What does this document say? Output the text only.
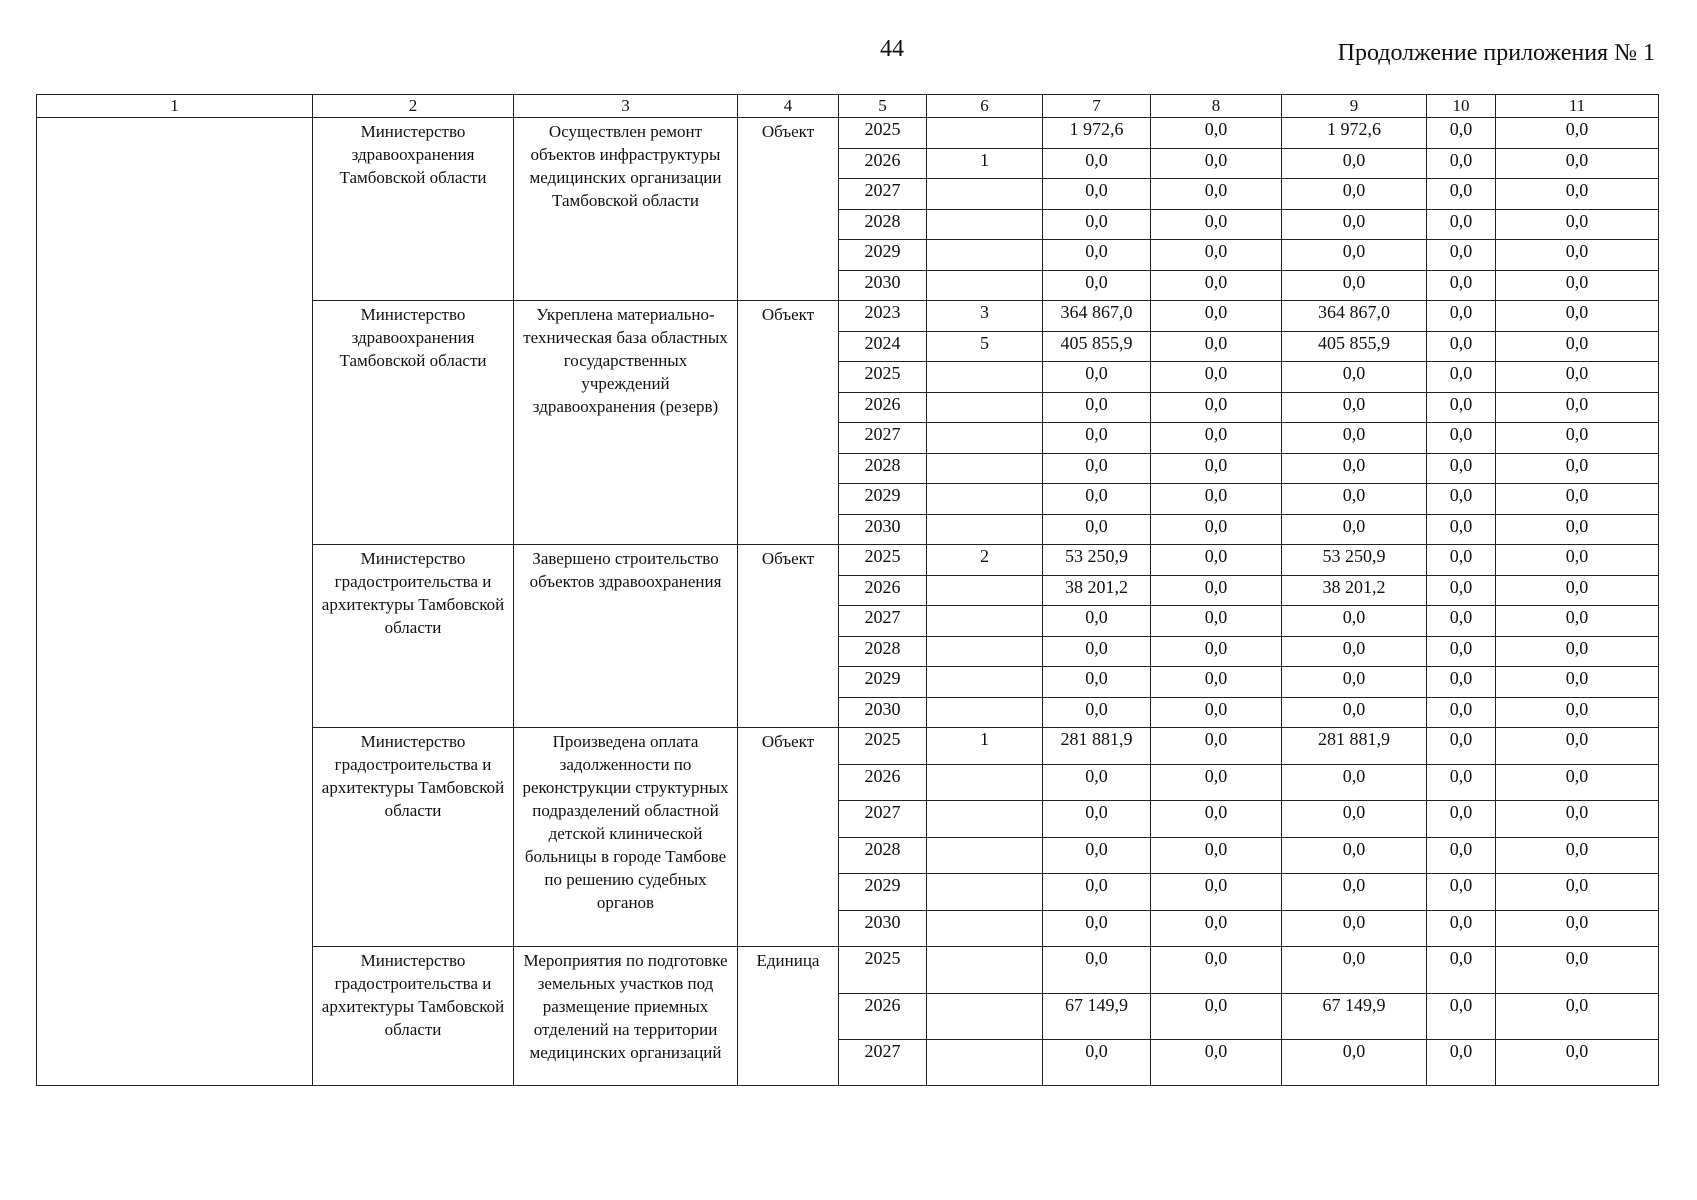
44	Продолжение приложения № 1
1	2	3	4	5	6	7	8	9	10	11
	Министерство здравоохранения Тамбовской области	Осуществлен ремонт объектов инфраструктуры медицинских организации Тамбовской области	Объект	2025		1 972,6	0,0	1 972,6	0,0	0,0
				2026	1	0,0	0,0	0,0	0,0	0,0
				2027		0,0	0,0	0,0	0,0	0,0
				2028		0,0	0,0	0,0	0,0	0,0
				2029		0,0	0,0	0,0	0,0	0,0
				2030		0,0	0,0	0,0	0,0	0,0
	Министерство здравоохранения Тамбовской области	Укреплена материально-техническая база областных государственных учреждений здравоохранения (резерв)	Объект	2023	3	364 867,0	0,0	364 867,0	0,0	0,0
				2024	5	405 855,9	0,0	405 855,9	0,0	0,0
				2025		0,0	0,0	0,0	0,0	0,0
				2026		0,0	0,0	0,0	0,0	0,0
				2027		0,0	0,0	0,0	0,0	0,0
				2028		0,0	0,0	0,0	0,0	0,0
				2029		0,0	0,0	0,0	0,0	0,0
				2030		0,0	0,0	0,0	0,0	0,0
	Министерство градостроительства и архитектуры Тамбовской области	Завершено строительство объектов здравоохранения	Объект	2025	2	53 250,9	0,0	53 250,9	0,0	0,0
				2026		38 201,2	0,0	38 201,2	0,0	0,0
				2027		0,0	0,0	0,0	0,0	0,0
				2028		0,0	0,0	0,0	0,0	0,0
				2029		0,0	0,0	0,0	0,0	0,0
				2030		0,0	0,0	0,0	0,0	0,0
	Министерство градостроительства и архитектуры Тамбовской области	Произведена оплата задолженности по реконструкции структурных подразделений областной детской клинической больницы в городе Тамбове по решению судебных органов	Объект	2025	1	281 881,9	0,0	281 881,9	0,0	0,0
				2026		0,0	0,0	0,0	0,0	0,0
				2027		0,0	0,0	0,0	0,0	0,0
				2028		0,0	0,0	0,0	0,0	0,0
				2029		0,0	0,0	0,0	0,0	0,0
				2030		0,0	0,0	0,0	0,0	0,0
	Министерство градостроительства и архитектуры Тамбовской области	Мероприятия по подготовке земельных участков под размещение приемных отделений на территории медицинских организаций	Единица	2025		0,0	0,0	0,0	0,0	0,0
				2026		67 149,9	0,0	67 149,9	0,0	0,0
				2027		0,0	0,0	0,0	0,0	0,0
